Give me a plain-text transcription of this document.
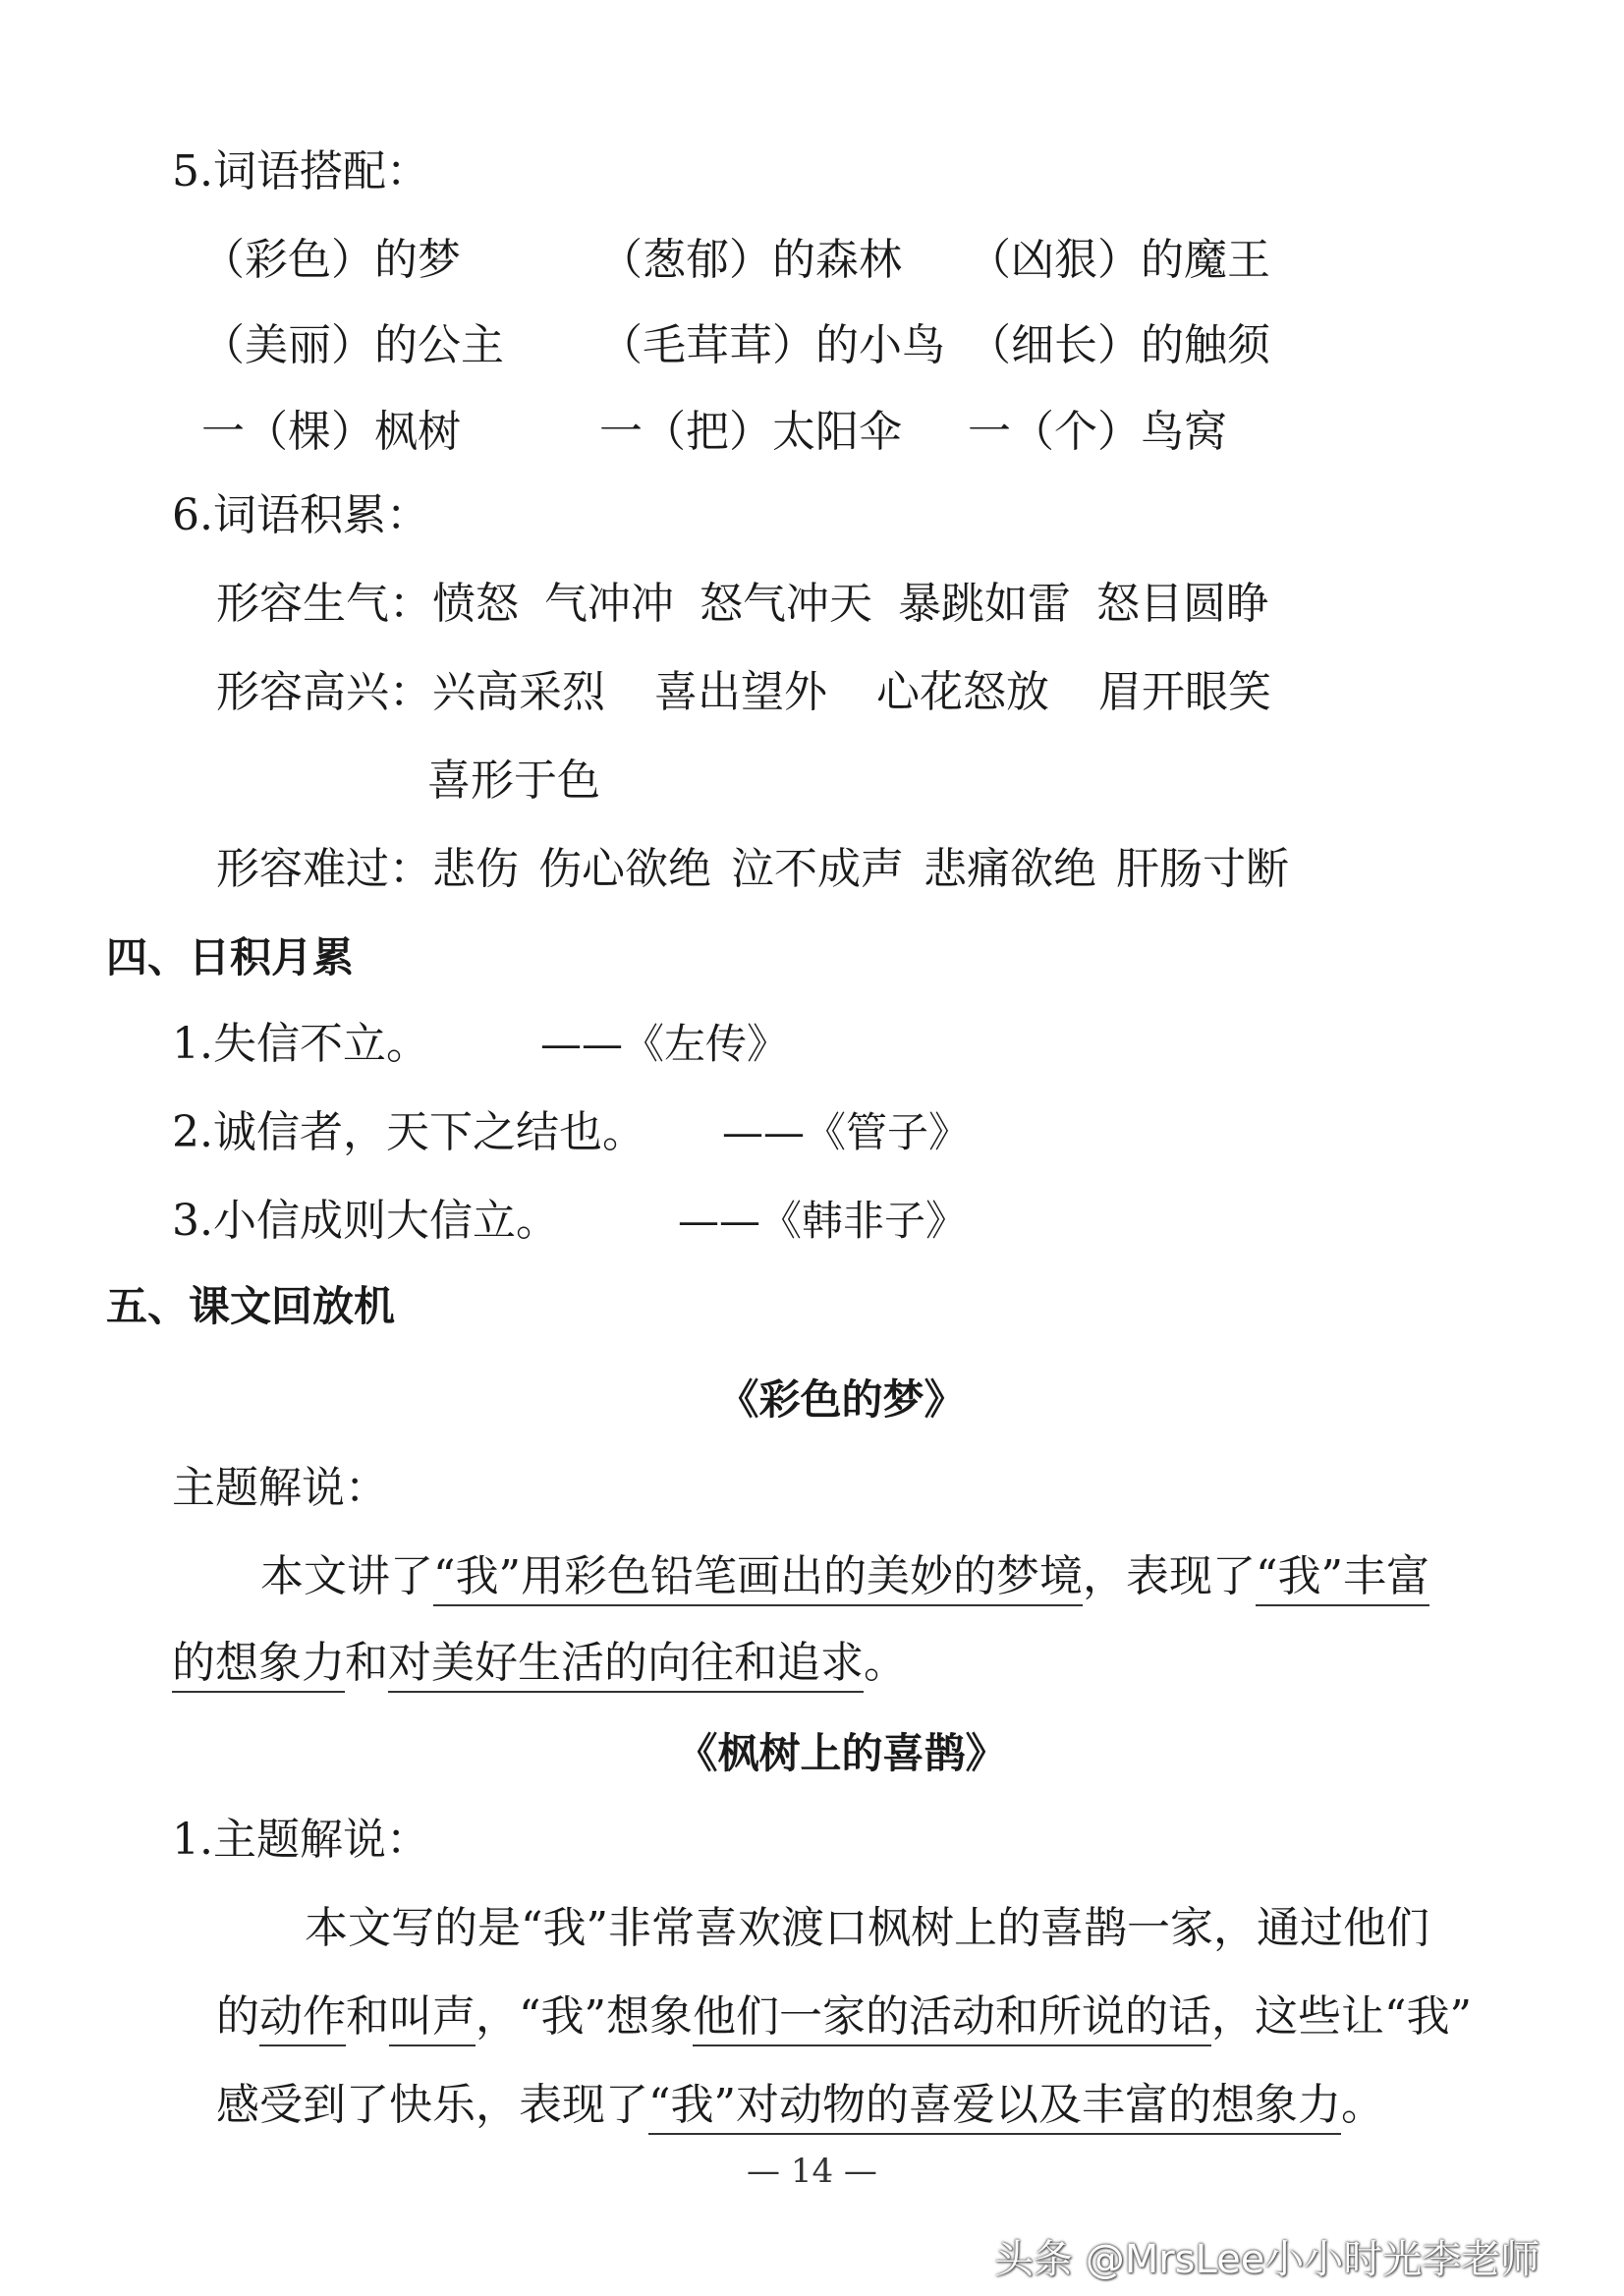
5.词语搭配：
（彩色）的梦	（葱郁）的森林 （凶狠）的魔王
（美丽）的公主 （毛茸茸）的小鸟 （细长）的触须
一（棵）枫树	一（把）太阳伞 一（个）鸟窝
6.词语积累：
形容生气：愤怒 气冲冲 怒气冲天 暴跳如雷 怒目圆睁
形容高兴：兴高采烈 喜出望外 心花怒放 眉开眼笑
喜形于色
形容难过：悲伤 伤心欲绝 泣不成声 悲痛欲绝 肝肠寸断
四、日积月累
1.失信不立。	——《左传》
2.诚信者，天下之结也。 ——《管子》
3.小信成则大信立。	——《韩非子》
五、课文回放机
《彩色的梦》
主题解说：
本文讲了“我”用彩色铅笔画出的美妙的梦境，表现了“我”丰富
的想象力和对美好生活的向往和追求。
《枫树上的喜鹊》
1.主题解说：
本文写的是“我”非常喜欢渡口枫树上的喜鹊一家，通过他们
的动作和叫声，“我”想象他们一家的活动和所说的话，这些让“我”
感受到了快乐，表现了“我”对动物的喜爱以及丰富的想象力。
— 14 —
头条 @MrsLee小小时光李老师
